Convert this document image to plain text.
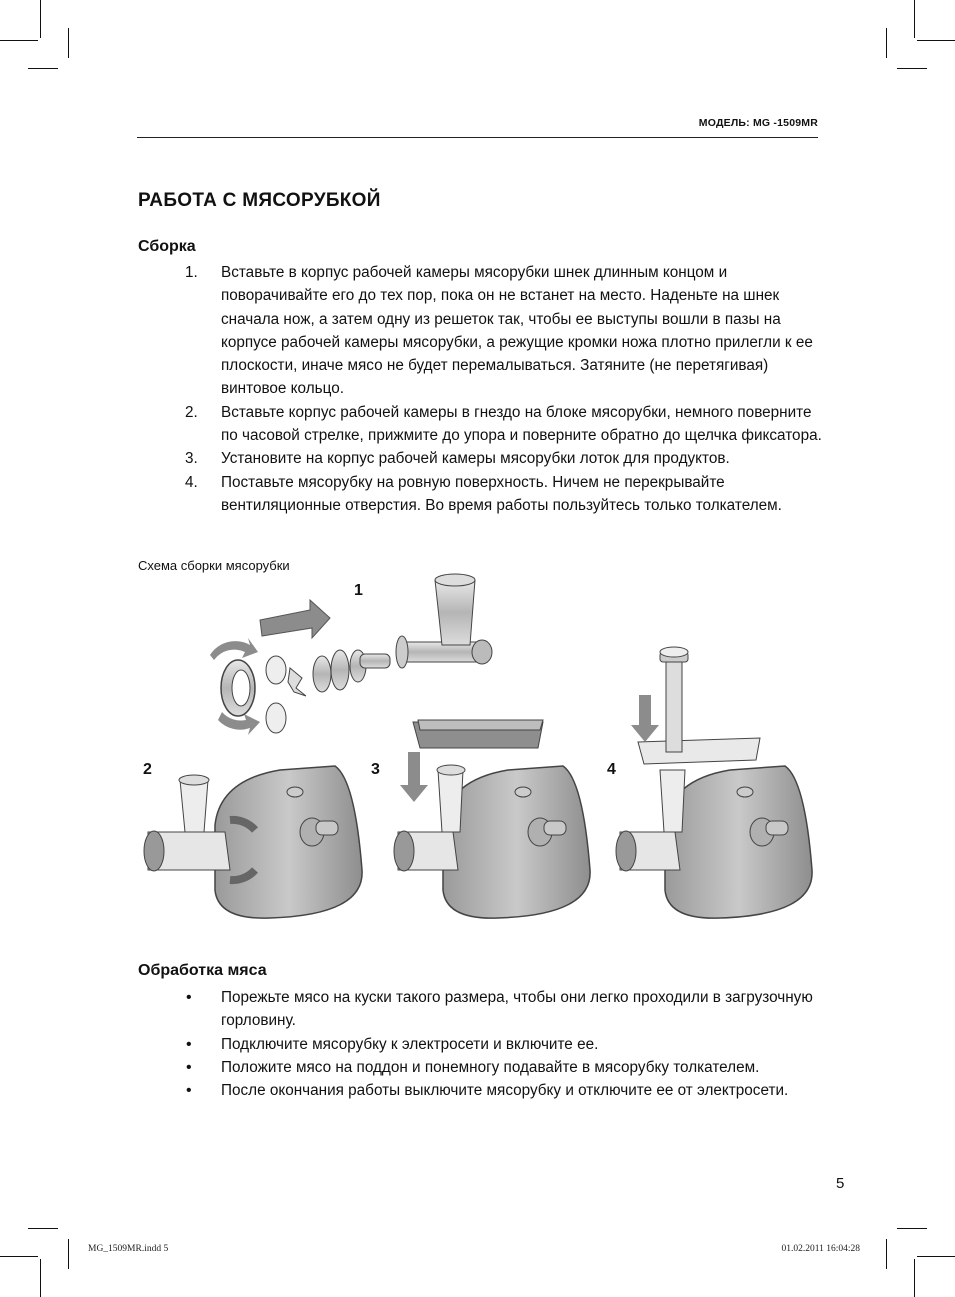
МОДЕЛЬ: MG -1509MR
РАБОТА С МЯСОРУБКОЙ
Сборка
1. Вставьте в корпус рабочей камеры мясорубки шнек длинным концом и поворачивайте его до тех пор, пока он не встанет на место. Наденьте на шнек сначала нож, а затем одну из решеток так, чтобы ее выступы вошли в пазы на корпусе рабочей камеры мясорубки, а режущие кромки ножа плотно прилегли к ее плоскости, иначе мясо не будет перемалываться. Затяните (не перетягивая) винтовое кольцо.
2. Вставьте корпус рабочей камеры в гнездо на блоке мясорубки, немного поверните по часовой стрелке, прижмите до упора и поверните обратно до щелчка фиксатора.
3. Установите на корпус рабочей камеры мясорубки лоток для продуктов.
4. Поставьте мясорубку на ровную поверхность. Ничем не перекрывайте вентиляционные отверстия. Во время работы пользуйтесь только толкателем.
Схема сборки мясорубки
1
2	3	4
Обработка мяса
• Порежьте мясо на куски такого размера, чтобы они легко проходили в загрузочную горловину.
• Подключите мясорубку к электросети и включите ее.
• Положите мясо на поддон и понемногу подавайте в мясорубку толкателем.
• После окончания работы выключите мясорубку и отключите ее от электросети.
5
MG_1509MR.indd 5	01.02.2011 16:04:28
